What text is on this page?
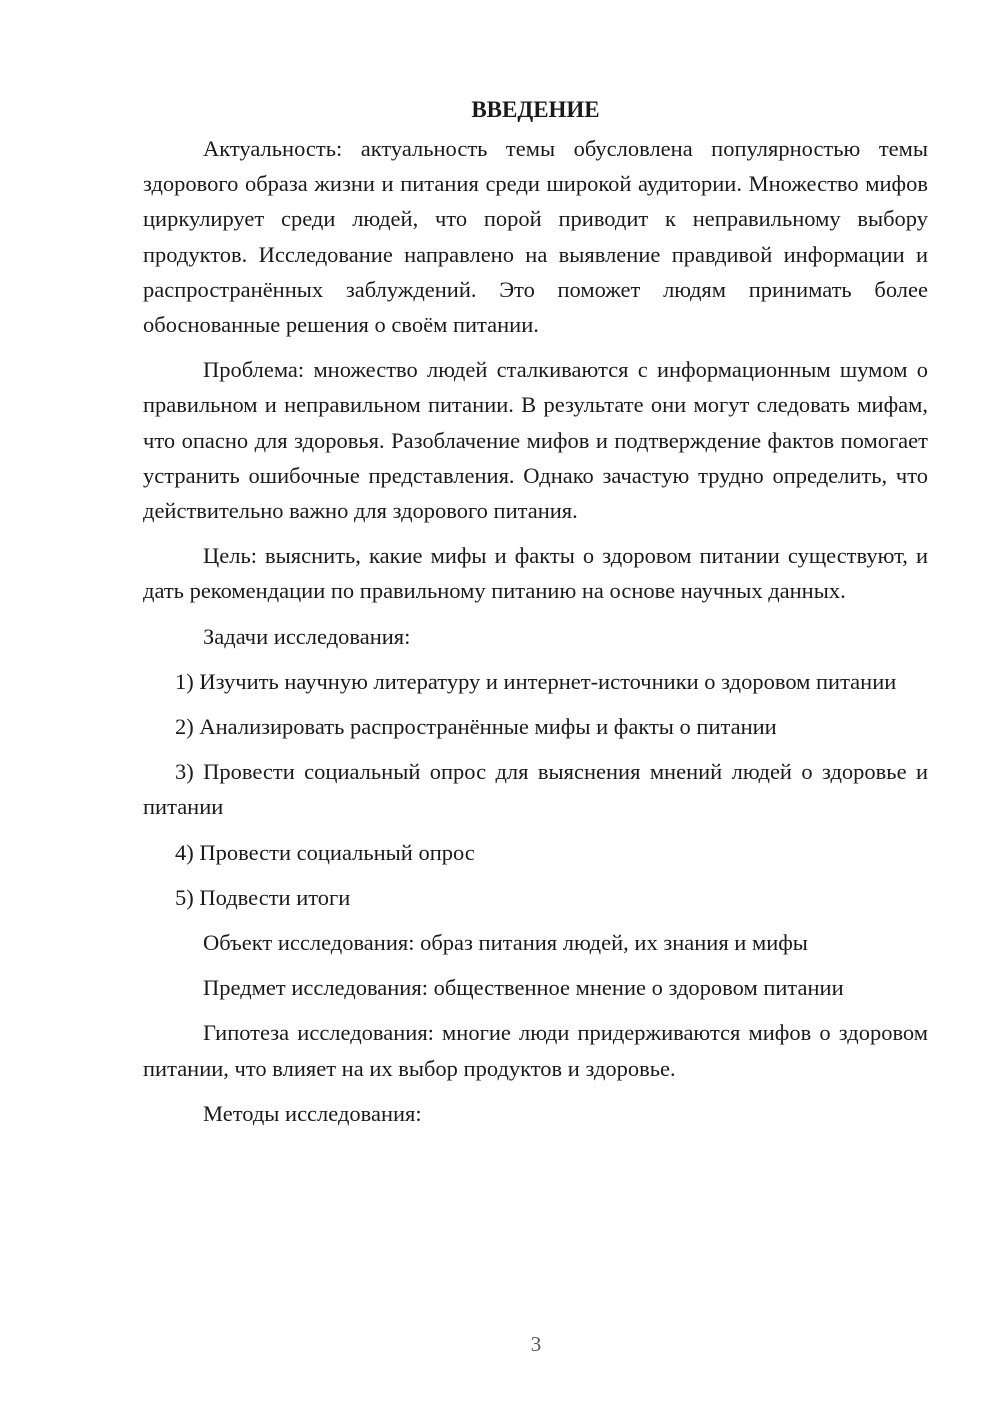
ВВЕДЕНИЕ

Актуальность: актуальность темы обусловлена популярностью темы здорового образа жизни и питания среди широкой аудитории. Множество мифов циркулирует среди людей, что порой приводит к неправильному выбору продуктов. Исследование направлено на выявление правдивой информации и распространённых заблуждений. Это поможет людям принимать более обоснованные решения о своём питании.

Проблема: множество людей сталкиваются с информационным шумом о правильном и неправильном питании. В результате они могут следовать мифам, что опасно для здоровья. Разоблачение мифов и подтверждение фактов помогает устранить ошибочные представления. Однако зачастую трудно определить, что действительно важно для здорового питания.

Цель: выяснить, какие мифы и факты о здоровом питании существуют, и дать рекомендации по правильному питанию на основе научных данных.

Задачи исследования:

1) Изучить научную литературу и интернет-источники о здоровом питании

2) Анализировать распространённые мифы и факты о питании

3) Провести социальный опрос для выяснения мнений людей о здоровье и питании

4) Провести социальный опрос

5) Подвести итоги

Объект исследования: образ питания людей, их знания и мифы

Предмет исследования: общественное мнение о здоровом питании

Гипотеза исследования: многие люди придерживаются мифов о здоровом питании, что влияет на их выбор продуктов и здоровье.

Методы исследования:

3
